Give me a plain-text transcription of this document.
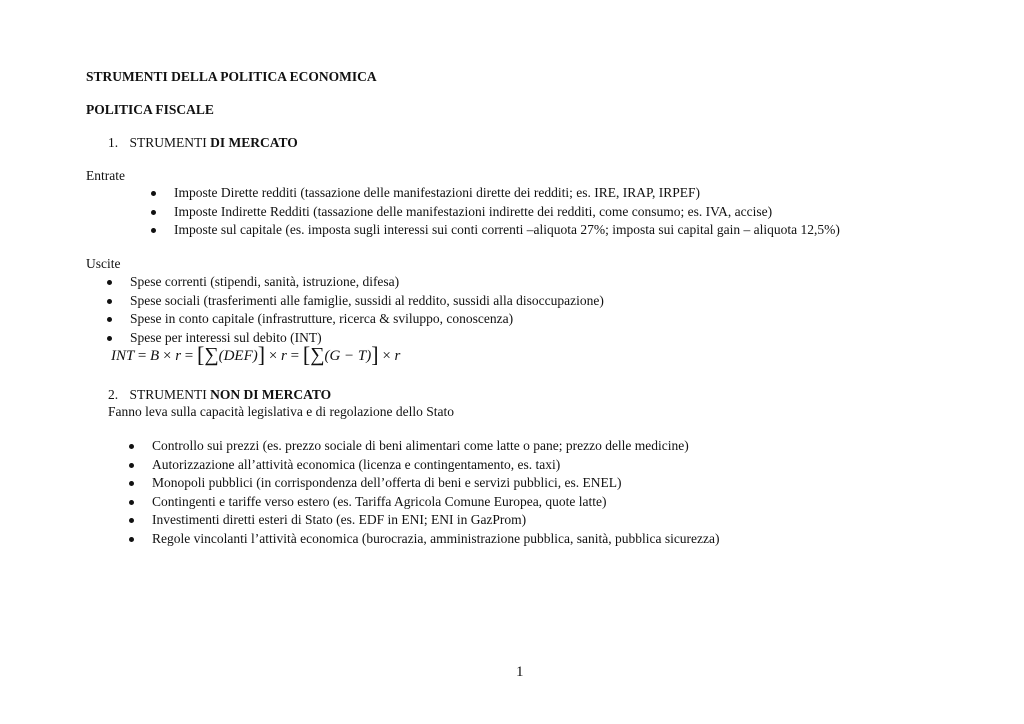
STRUMENTI DELLA POLITICA ECONOMICA
POLITICA FISCALE
1. STRUMENTI DI MERCATO
Entrate
Imposte Dirette redditi (tassazione delle manifestazioni dirette dei redditi; es. IRE, IRAP, IRPEF)
Imposte Indirette Redditi (tassazione delle manifestazioni indirette dei redditi, come consumo; es. IVA, accise)
Imposte sul capitale (es. imposta sugli interessi sui conti correnti –aliquota 27%; imposta sui capital gain – aliquota 12,5%)
Uscite
Spese correnti (stipendi, sanità, istruzione, difesa)
Spese sociali (trasferimenti alle famiglie, sussidi al reddito, sussidi alla disoccupazione)
Spese in conto capitale (infrastrutture, ricerca & sviluppo, conoscenza)
Spese per interessi sul debito (INT)
INT = B × r = [∑(DEF)] × r = [∑(G − T)] × r
2. STRUMENTI NON DI MERCATO
Fanno leva sulla capacità legislativa e di regolazione dello Stato
Controllo sui prezzi (es. prezzo sociale di beni alimentari come latte o pane; prezzo delle medicine)
Autorizzazione all’attività economica (licenza e contingentamento, es. taxi)
Monopoli pubblici (in corrispondenza dell’offerta di beni e servizi pubblici, es. ENEL)
Contingenti e tariffe verso estero (es. Tariffa Agricola Comune Europea, quote latte)
Investimenti diretti esteri di Stato (es. EDF in ENI; ENI in GazProm)
Regole vincolanti l’attività economica (burocrazia, amministrazione pubblica, sanità, pubblica sicurezza)
1
